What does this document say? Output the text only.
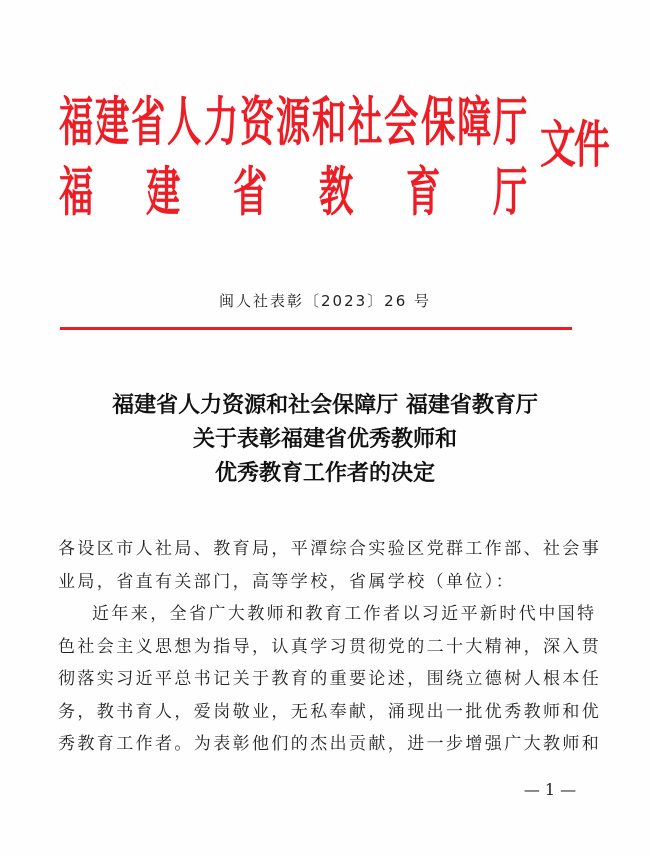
福 建 省 人 力 资 源 和 社 会 保 障 厅
福 建 省 教 育 厅
文件
闽人社表彰〔2023〕26 号
福建省人力资源和社会保障厅 福建省教育厅
关于表彰福建省优秀教师和
优秀教育工作者的决定
各设区市人社局、教育局，平潭综合实验区党群工作部、社会事
业局，省直有关部门，高等学校，省属学校（单位）：
近年来，全省广大教师和教育工作者以习近平新时代中国特
色社会主义思想为指导，认真学习贯彻党的二十大精神，深入贯
彻落实习近平总书记关于教育的重要论述，围绕立德树人根本任
务，教书育人，爱岗敬业，无私奉献，涌现出一批优秀教师和优
秀教育工作者。为表彰他们的杰出贡献，进一步增强广大教师和
— 1 —
